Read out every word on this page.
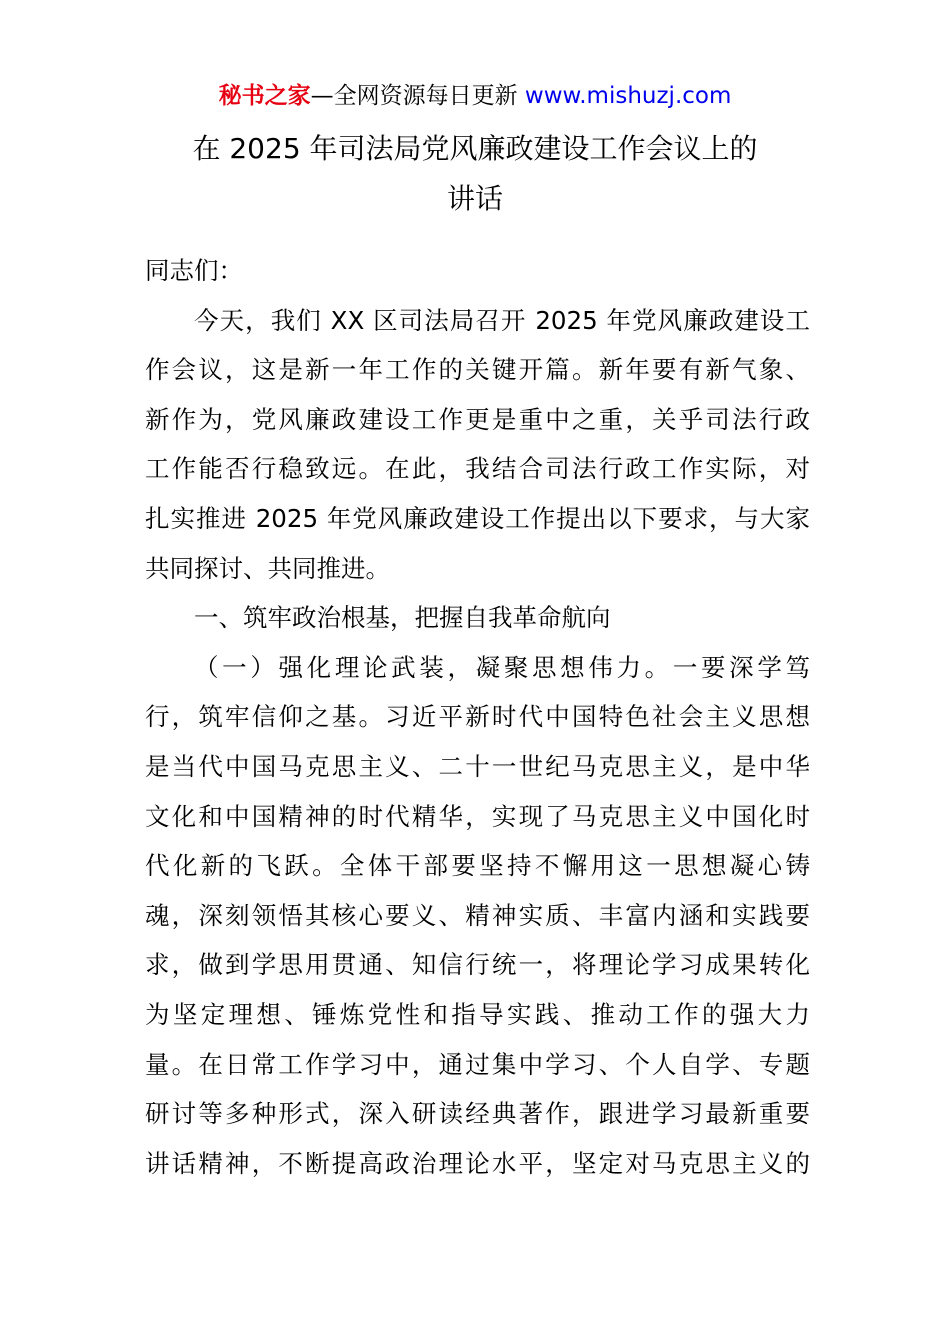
秘书之家—全网资源每日更新 www.mishuzj.com
在 2025 年司法局党风廉政建设工作会议上的
讲话
同志们：
今天，我们 XX 区司法局召开 2025 年党风廉政建设工
作会议，这是新一年工作的关键开篇。新年要有新气象、
新作为，党风廉政建设工作更是重中之重，关乎司法行政
工作能否行稳致远。在此，我结合司法行政工作实际，对
扎实推进 2025 年党风廉政建设工作提出以下要求，与大家
共同探讨、共同推进。
一、筑牢政治根基，把握自我革命航向
（一）强化理论武装，凝聚思想伟力。一要深学笃
行，筑牢信仰之基。习近平新时代中国特色社会主义思想
是当代中国马克思主义、二十一世纪马克思主义，是中华
文化和中国精神的时代精华，实现了马克思主义中国化时
代化新的飞跃。全体干部要坚持不懈用这一思想凝心铸
魂，深刻领悟其核心要义、精神实质、丰富内涵和实践要
求，做到学思用贯通、知信行统一，将理论学习成果转化
为坚定理想、锤炼党性和指导实践、推动工作的强大力
量。在日常工作学习中，通过集中学习、个人自学、专题
研讨等多种形式，深入研读经典著作，跟进学习最新重要
讲话精神，不断提高政治理论水平，坚定对马克思主义的
